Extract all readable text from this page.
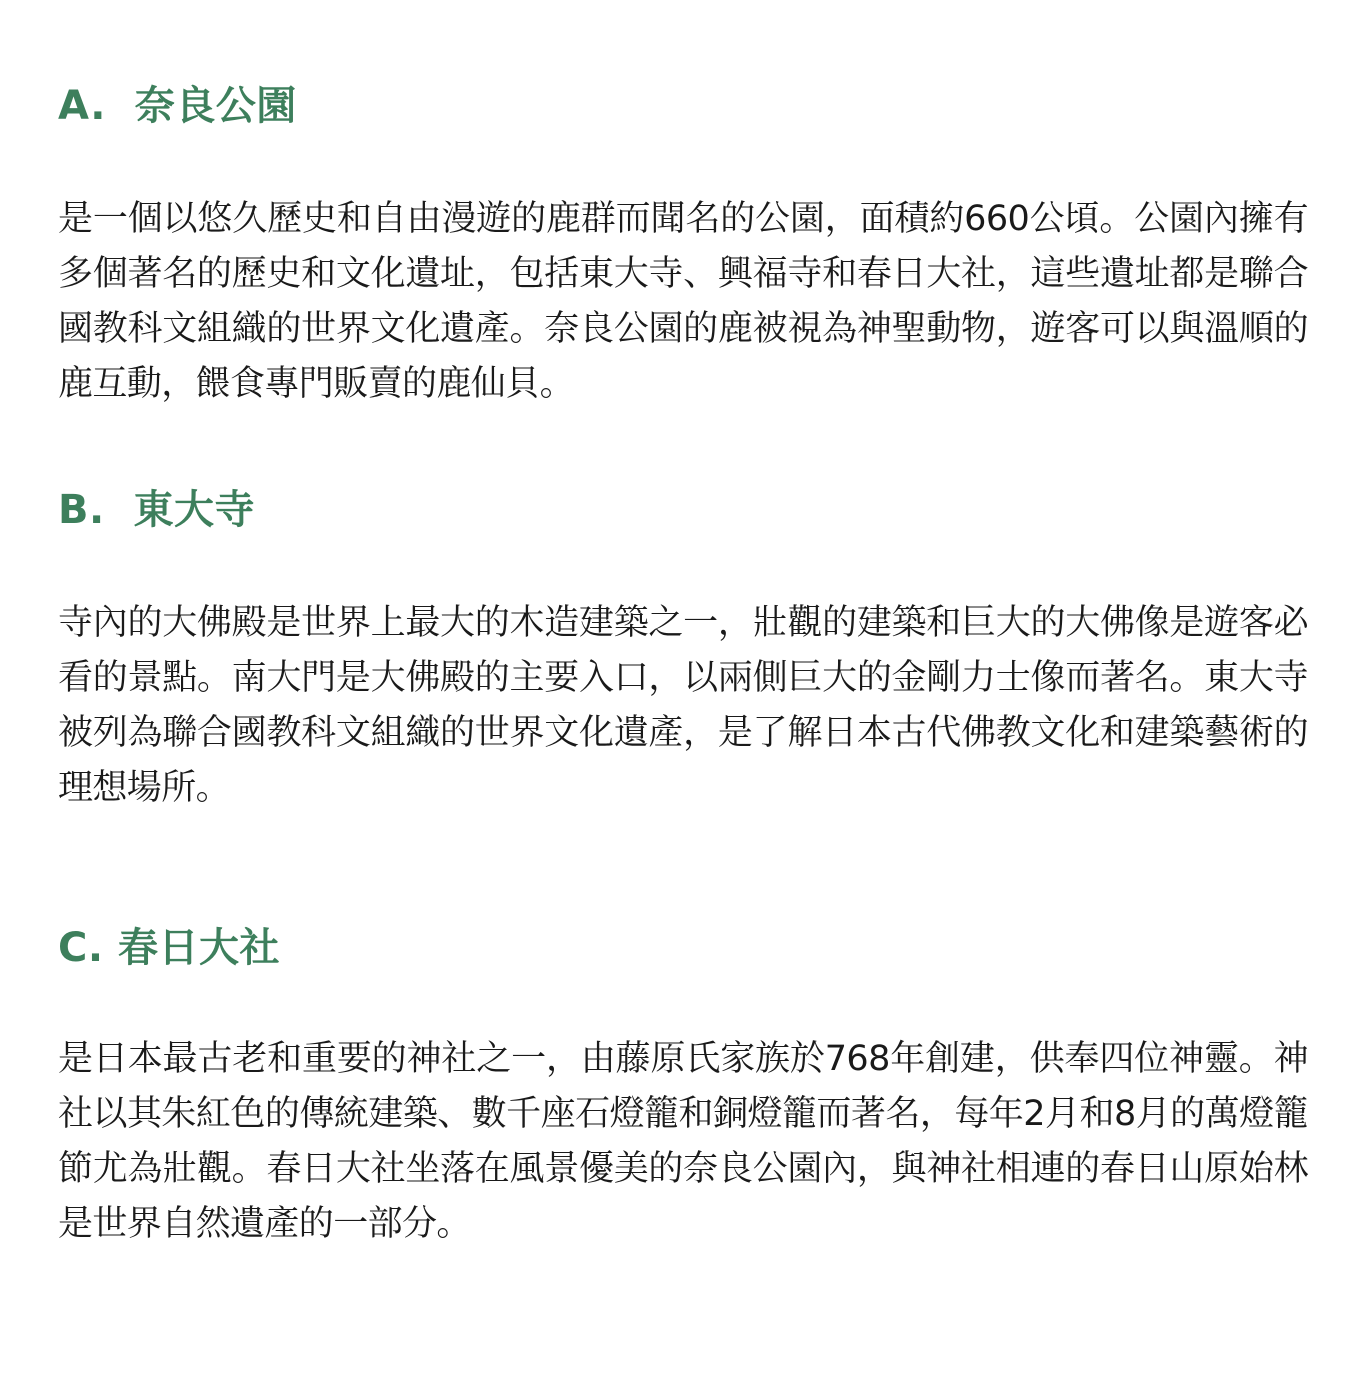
A. 奈良公園

是一個以悠久歷史和自由漫遊的鹿群而聞名的公園，面積約660公頃。公園內擁有多個著名的歷史和文化遺址，包括東大寺、興福寺和春日大社，這些遺址都是聯合國教科文組織的世界文化遺產。奈良公園的鹿被視為神聖動物，遊客可以與溫順的鹿互動，餵食專門販賣的鹿仙貝。

B. 東大寺

寺內的大佛殿是世界上最大的木造建築之一，壯觀的建築和巨大的大佛像是遊客必看的景點。南大門是大佛殿的主要入口，以兩側巨大的金剛力士像而著名。東大寺被列為聯合國教科文組織的世界文化遺產，是了解日本古代佛教文化和建築藝術的理想場所。

C. 春日大社

是日本最古老和重要的神社之一，由藤原氏家族於768年創建，供奉四位神靈。神社以其朱紅色的傳統建築、數千座石燈籠和銅燈籠而著名，每年2月和8月的萬燈籠節尤為壯觀。春日大社坐落在風景優美的奈良公園內，與神社相連的春日山原始林是世界自然遺產的一部分。
